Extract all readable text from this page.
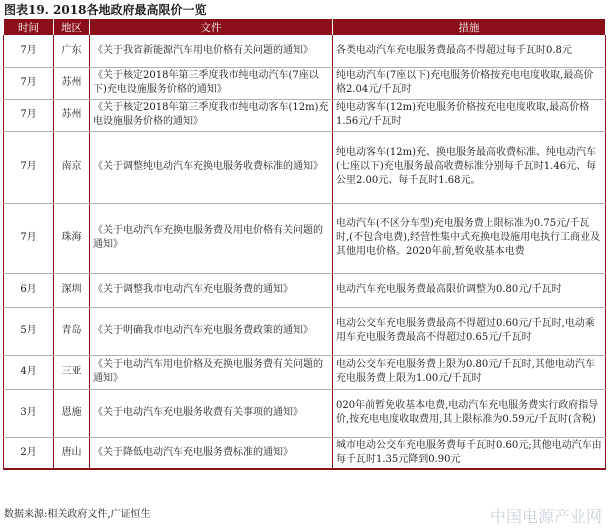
图表19. 2018各地政府最高限价一览
时间	地区	文件	措施
7月	广东	《关于我省新能源汽车用电价格有关问题的通知》	各类电动汽车充电服务费最高不得超过每千瓦时0.8元
7月	苏州	《关于核定2018年第三季度我市纯电动汽车(7座以下)充电设施服务价格的通知》	纯电动汽车(7座以下)充电服务价格按充电电度收取,最高价格2.04元/千瓦时
7月	苏州	《关于核定2018年第三季度我市纯电动客车(12m)充电设施服务价格的通知》	纯电动客车(12m)充电服务价格按充电电度收取,最高价格1.56元/千瓦时
7月	南京	《关于调整纯电动汽车充换电服务收费标准的通知》	纯电动客车(12m)充、换电服务最高收费标准、纯电动汽车(七座以下)充电服务最高收费标准分别每千瓦时1.46元、每公里2.00元、每千瓦时1.68元。
7月	珠海	《关于电动汽车充换电服务费及用电价格有关问题的通知》	电动汽车(不区分车型)充电服务费上限标准为0.75元/千瓦时,(不包含电费),经营性集中式充换电设施用电执行工商业及其他用电价格。2020年前,暂免收基本电费
6月	深圳	《关于调整我市电动汽车充电服务费的通知》	电动汽车充电服务费最高限价调整为0.80元/千瓦时
5月	青岛	《关于明确我市电动汽车充电服务费政策的通知》	电动公交车充电服务费最高不得超过0.60元/千瓦时,电动乘用车充电服务费最高不得超过0.65元/千瓦时
4月	三亚	《关于电动汽车用电价格及充换电服务费有关问题的通知》	电动公交车充电服务费上限为0.80元/千瓦时,其他电动汽车充电服务费上限为1.00元/千瓦时
3月	恩施	《关于电动汽车充电服务收费有关事项的通知》	020年前暂免收基本电费,电动汽车充电服务费实行政府指导价,按充电电度收取费用,其上限标准为0.59元/千瓦时(含税)
2月	唐山	《关于降低电动汽车充电服务费标准的通知》	城市电动公交车充电服务费每千瓦时0.60元;其他电动汽车由每千瓦时1.35元降到0.90元
数据来源:相关政府文件,广证恒生	中国电源产业网
